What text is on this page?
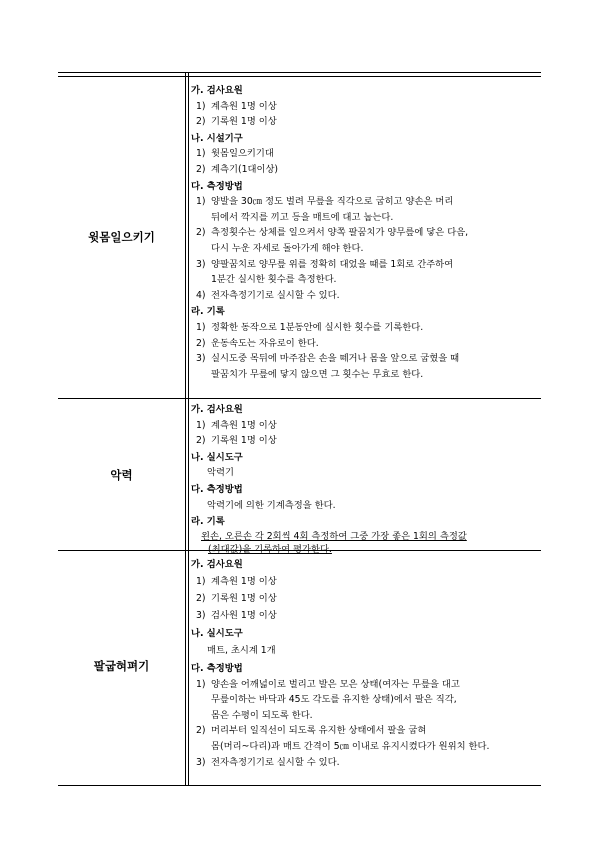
윗몸일으키기
가. 검사요원
1) 계측원 1명 이상
2) 기록원 1명 이상
나. 시설기구
1) 윗몸일으키기대
2) 계측기(1대이상)
다. 측정방법
1) 양발을 30㎝ 정도 벌려 무릎을 직각으로 굽히고 양손은 머리
뒤에서 깍지를 끼고 등을 매트에 대고 눕는다.
2) 측정횟수는 상체를 일으켜서 양쪽 팔꿈치가 양무릎에 닿은 다음,
다시 누운 자세로 돌아가게 해야 한다.
3) 양팔꿈치로 양무릎 위를 정확히 대었을 때를 1회로 간주하여
1분간 실시한 횟수를 측정한다.
4) 전자측정기기로 실시할 수 있다.
라. 기록
1) 정확한 동작으로 1분동안에 실시한 횟수를 기록한다.
2) 운동속도는 자유로이 한다.
3) 실시도중 목뒤에 마주잡은 손을 떼거나 몸을 앞으로 굽혔을 때
팔꿈치가 무릎에 닿지 않으면 그 횟수는 무효로 한다.
악력
가. 검사요원
1) 계측원 1명 이상
2) 기록원 1명 이상
나. 실시도구
악력기
다. 측정방법
악력기에 의한 기계측정을 한다.
라. 기록
왼손, 오른손 각 2회씩 4회 측정하여 그중 가장 좋은 1회의 측정값
(최대값)을 기록하여 평가한다.
팔굽혀펴기
가. 검사요원
1) 계측원 1명 이상
2) 기록원 1명 이상
3) 검사원 1명 이상
나. 실시도구
매트, 초시계 1개
다. 측정방법
1) 양손을 어깨넓이로 벌리고 발은 모은 상태(여자는 무릎을 대고
무릎이하는 바닥과 45도 각도를 유지한 상태)에서 팔은 직각,
몸은 수평이 되도록 한다.
2) 머리부터 일직선이 되도록 유지한 상태에서 팔을 굽혀
몸(머리~다리)과 매트 간격이 5㎝ 이내로 유지시켰다가 원위치 한다.
3) 전자측정기기로 실시할 수 있다.
